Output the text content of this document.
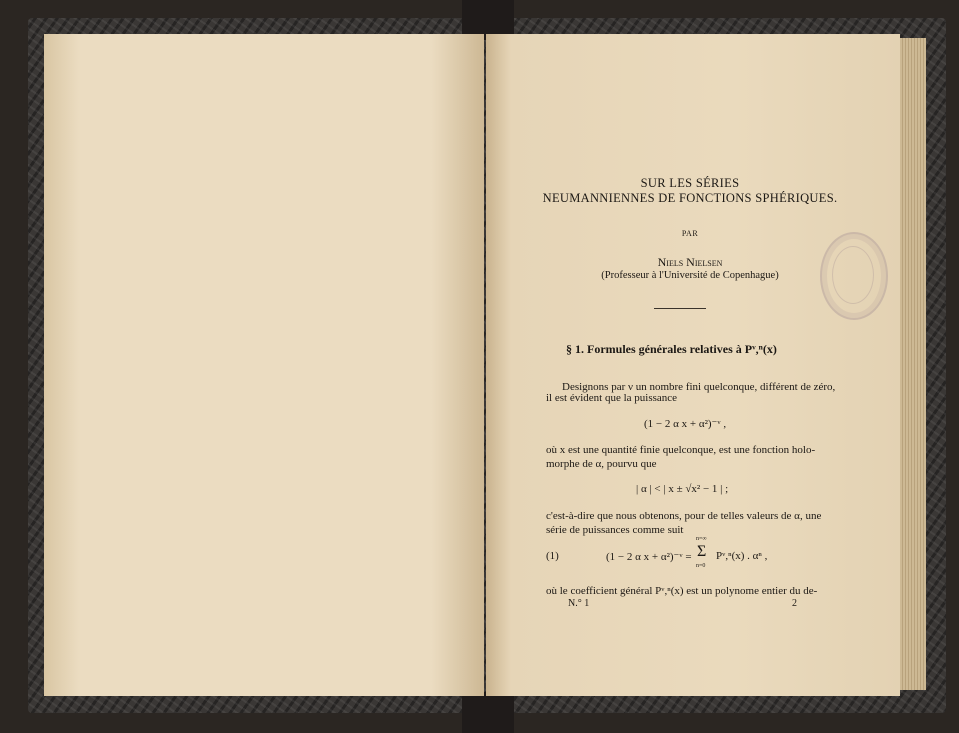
SUR LES SÉRIES
NEUMANNIENNES DE FONCTIONS SPHÉRIQUES.
PAR
Niels Nielsen
(Professeur à l'Université de Copenhague)
§ 1. Formules générales relatives à Pᵛ,ⁿ(x)
Designons par ν un nombre fini quelconque, différent de zéro,
il est évident que la puissance
(1 − 2 α x + α²)⁻ᵛ ,
où x est une quantité finie quelconque, est une fonction holo-
morphe de α, pourvu que
| α | < | x ± √x² − 1 | ;
c'est-à-dire que nous obtenons, pour de telles valeurs de α, une
série de puissances comme suit
(1)	(1 − 2 α x + α²)⁻ᵛ =
n=∞
Σ
n=0
Pᵛ,ⁿ(x) . αⁿ ,
où le coefficient général Pᵛ,ⁿ(x) est un polynome entier du de-
N.° 1	2
